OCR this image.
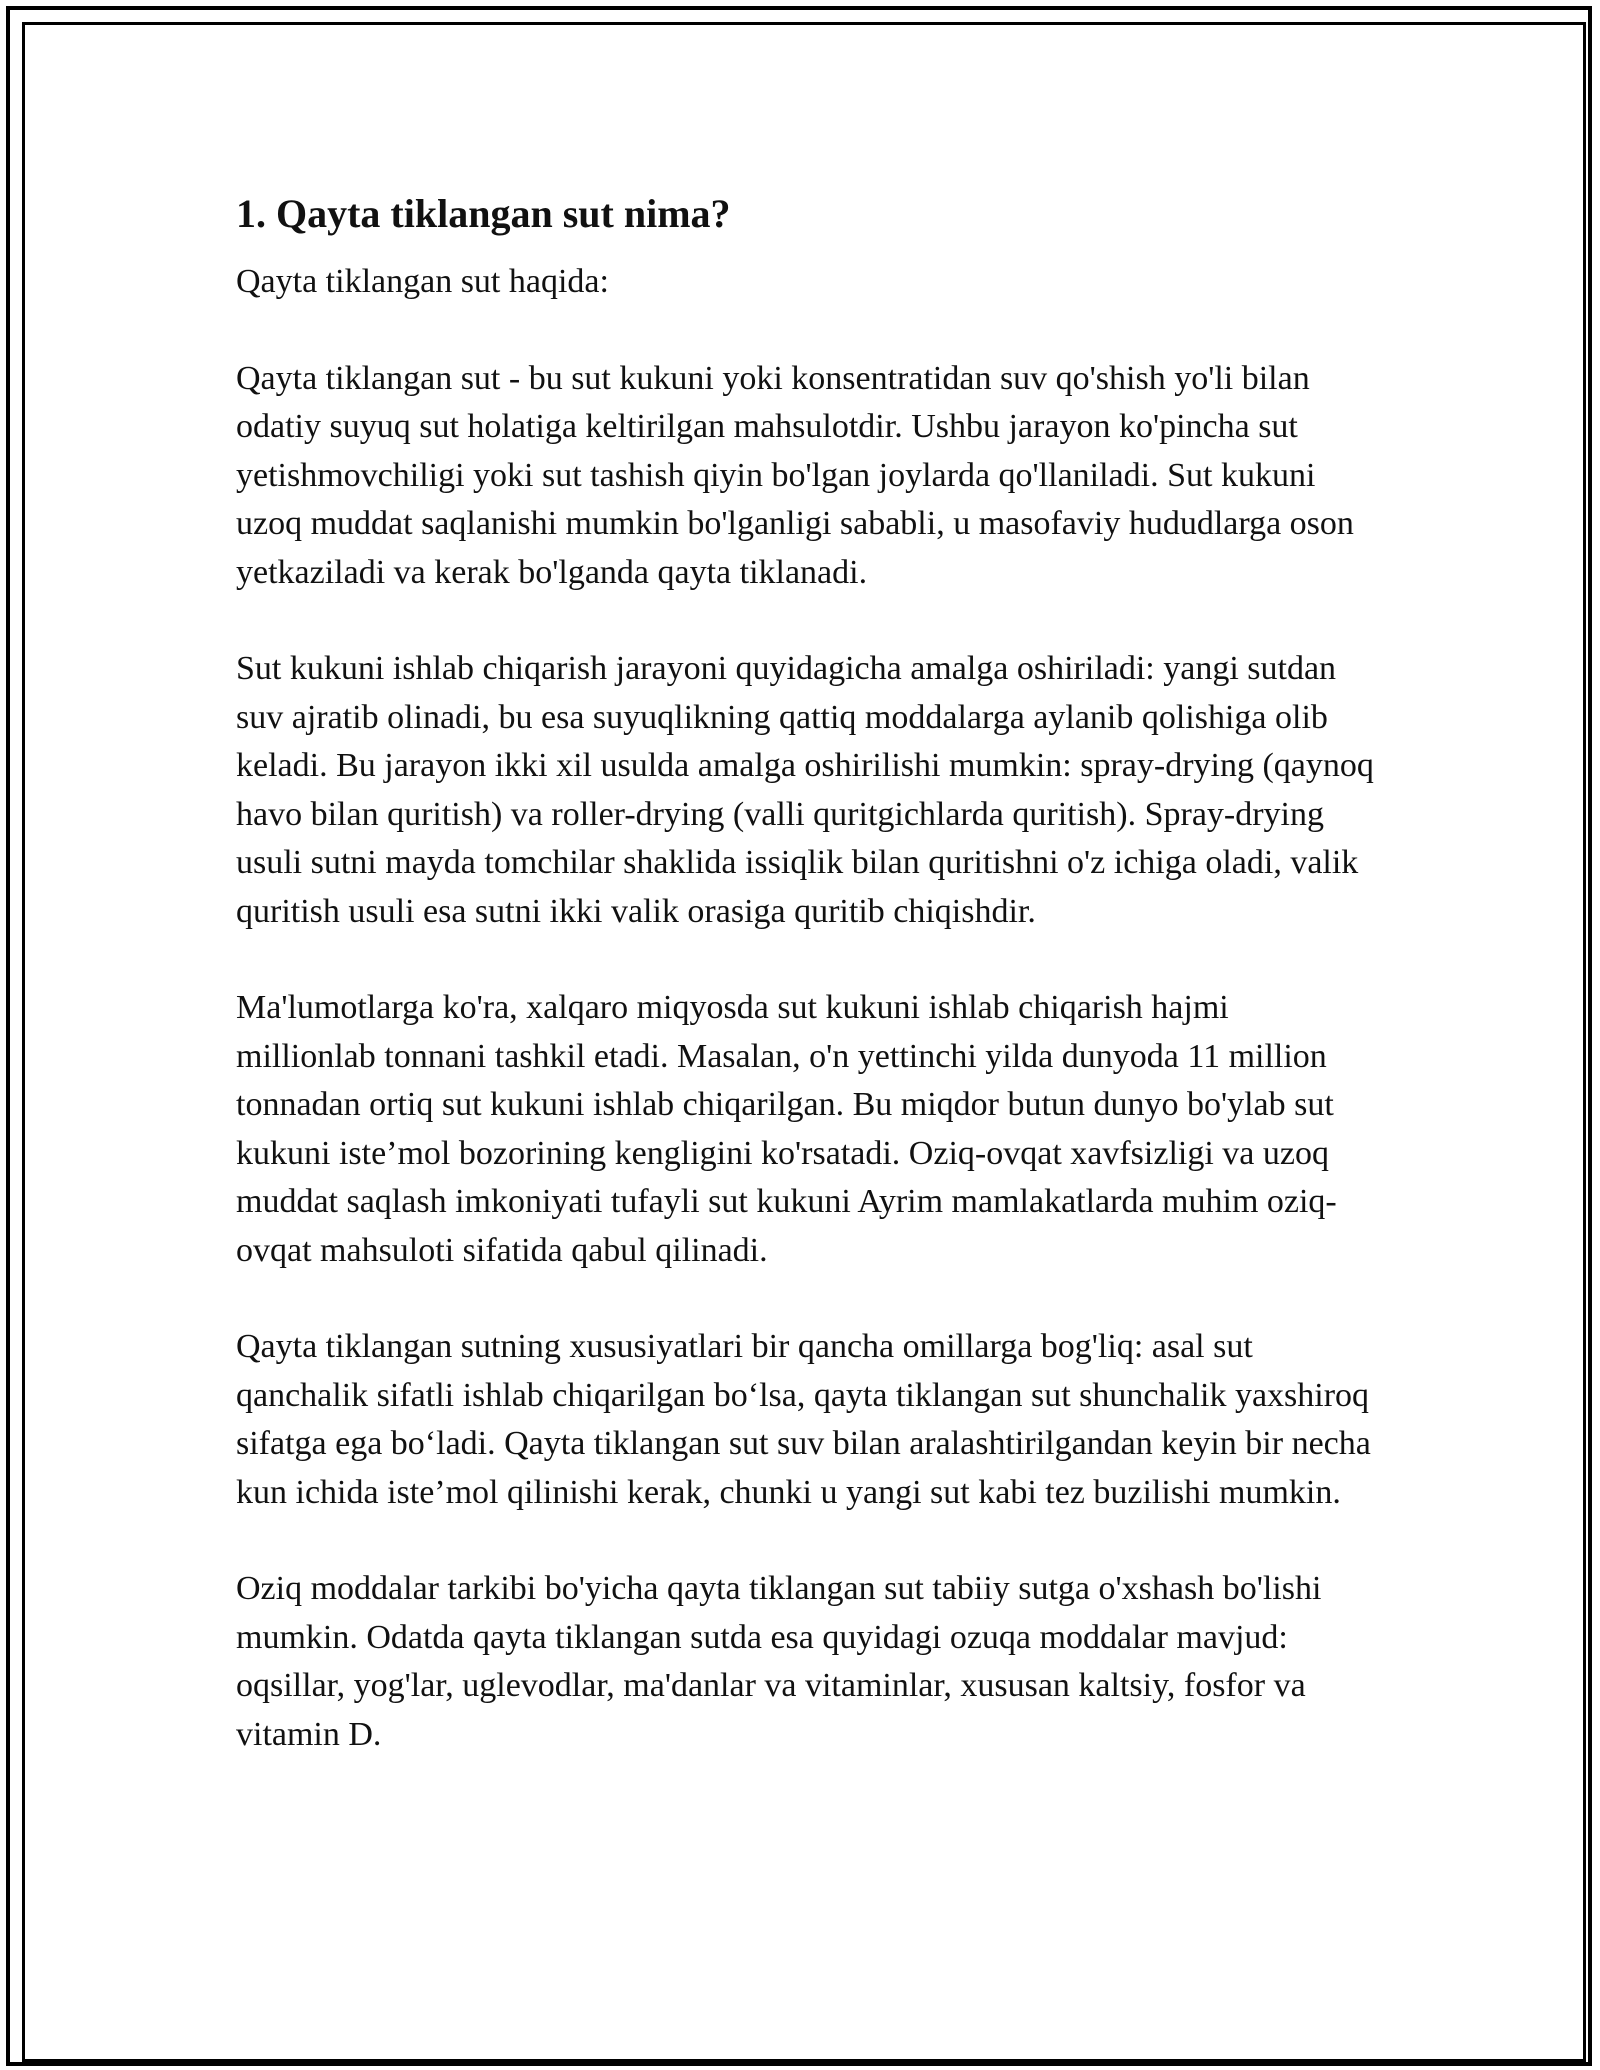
1. Qayta tiklangan sut nima?

Qayta tiklangan sut haqida:

Qayta tiklangan sut - bu sut kukuni yoki konsentratidan suv qo'shish yo'li bilan odatiy suyuq sut holatiga keltirilgan mahsulotdir. Ushbu jarayon ko'pincha sut yetishmovchiligi yoki sut tashish qiyin bo'lgan joylarda qo'llaniladi. Sut kukuni uzoq muddat saqlanishi mumkin bo'lganligi sababli, u masofaviy hududlarga oson yetkaziladi va kerak bo'lganda qayta tiklanadi.

Sut kukuni ishlab chiqarish jarayoni quyidagicha amalga oshiriladi: yangi sutdan suv ajratib olinadi, bu esa suyuqlikning qattiq moddalarga aylanib qolishiga olib keladi. Bu jarayon ikki xil usulda amalga oshirilishi mumkin: spray-drying (qaynoq havo bilan quritish) va roller-drying (valli quritgichlarda quritish). Spray-drying usuli sutni mayda tomchilar shaklida issiqlik bilan quritishni o'z ichiga oladi, valik quritish usuli esa sutni ikki valik orasiga quritib chiqishdir.

Ma'lumotlarga ko'ra, xalqaro miqyosda sut kukuni ishlab chiqarish hajmi millionlab tonnani tashkil etadi. Masalan, o'n yettinchi yilda dunyoda 11 million tonnadan ortiq sut kukuni ishlab chiqarilgan. Bu miqdor butun dunyo bo'ylab sut kukuni iste’mol bozorining kengligini ko'rsatadi. Oziq-ovqat xavfsizligi va uzoq muddat saqlash imkoniyati tufayli sut kukuni Ayrim mamlakatlarda muhim oziq-ovqat mahsuloti sifatida qabul qilinadi.

Qayta tiklangan sutning xususiyatlari bir qancha omillarga bog'liq: asal sut qanchalik sifatli ishlab chiqarilgan bo‘lsa, qayta tiklangan sut shunchalik yaxshiroq sifatga ega bo‘ladi. Qayta tiklangan sut suv bilan aralashtirilgandan keyin bir necha kun ichida iste’mol qilinishi kerak, chunki u yangi sut kabi tez buzilishi mumkin.

Oziq moddalar tarkibi bo'yicha qayta tiklangan sut tabiiy sutga o'xshash bo'lishi mumkin. Odatda qayta tiklangan sutda esa quyidagi ozuqa moddalar mavjud: oqsillar, yog'lar, uglevodlar, ma'danlar va vitaminlar, xususan kaltsiy, fosfor va vitamin D.
